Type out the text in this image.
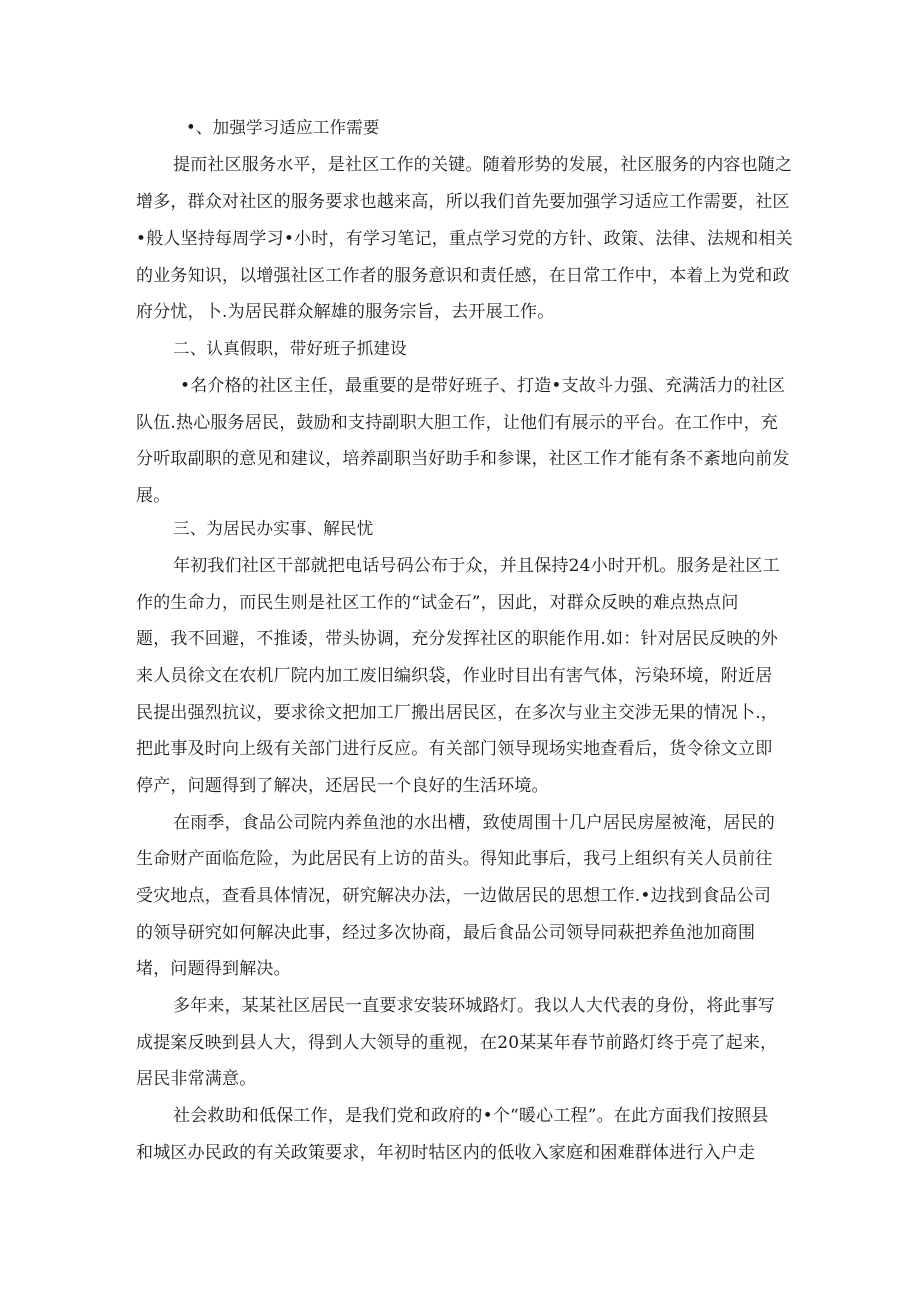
•、加强学习适应工作需要
提而社区服务水平，是社区工作的关键。随着形势的发展，社区服务的内容也随之
增多，群众对社区的服务要求也越来高，所以我们首先要加强学习适应工作需要，社区
•般人坚持每周学习•小时，有学习笔记，重点学习党的方针、政策、法律、法规和相关
的业务知识，以增强社区工作者的服务意识和责任感，在日常工作中，本着上为党和政
府分忧，卜.为居民群众解雄的服务宗旨，去开展工作。
二、认真假职，带好班子抓建设
•名介格的社区主任，最重要的是带好班子、打造•支故斗力强、充满活力的社区
队伍.热心服务居民，鼓励和支持副职大胆工作，让他们有展示的平台。在工作中，充
分听取副职的意见和建议，培养副职当好助手和参课，社区工作才能有条不紊地向前发
展。
三、为居民办实事、解民忧
年初我们社区干部就把电话号码公布于众，并且保持24小时开机。服务是社区工
作的生命力，而民生则是社区工作的“试金石”，因此，对群众反映的难点热点问
题，我不回避，不推诿，带头协调，充分发挥社区的职能作用.如：针对居民反映的外
来人员徐文在农机厂院内加工废旧编织袋，作业时目出有害气体，污染环境，附近居
民提出强烈抗议，要求徐文把加工厂搬出居民区，在多次与业主交涉无果的情况卜.，
把此事及时向上级有关部门进行反应。有关部门领导现场实地查看后，货令徐文立即
停产，问题得到了解决，还居民一个良好的生活环境。
在雨季，食品公司院内养鱼池的水出槽，致使周围十几户居民房屋被淹，居民的
生命财产面临危险，为此居民有上访的苗头。得知此事后，我弓上组织有关人员前往
受灾地点，查看具体情况，研究解决办法，一边做居民的思想工作.•边找到食品公司
的领导研究如何解决此事，经过多次协商，最后食品公司领导同萩把养鱼池加商围
堵，问题得到解决。
多年来，某某社区居民一直要求安装环城路灯。我以人大代表的身份，将此事写
成提案反映到县人大，得到人大领导的重视，在20某某年春节前路灯终于亮了起来，
居民非常满意。
社会救助和低保工作，是我们党和政府的•个“暖心工程”。在此方面我们按照县
和城区办民政的有关政策要求，年初时牯区内的低收入家庭和困难群体进行入户走
